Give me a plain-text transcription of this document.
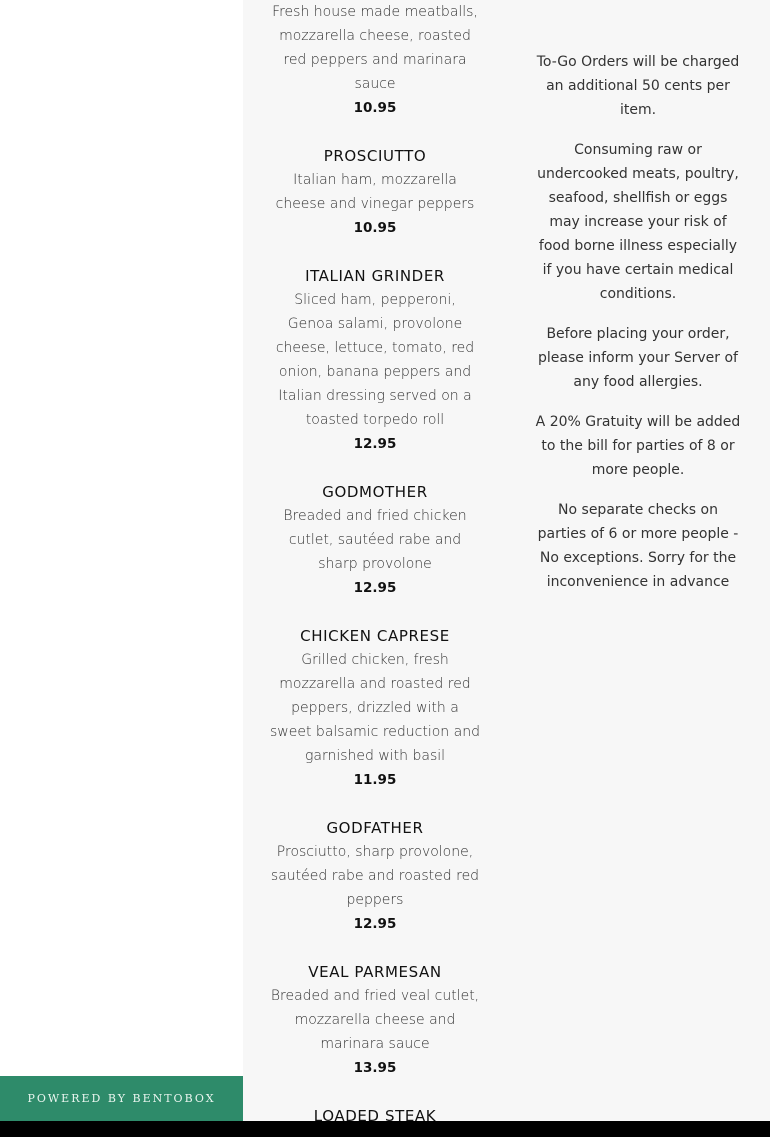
POWERED BY BENTOBOX
Fresh house made meatballs, mozzarella cheese, roasted red peppers and marinara sauce
10.95
PROSCIUTTO
Italian ham, mozzarella cheese and vinegar peppers
10.95
ITALIAN GRINDER
Sliced ham, pepperoni, Genoa salami, provolone cheese, lettuce, tomato, red onion, banana peppers and Italian dressing served on a toasted torpedo roll
12.95
GODMOTHER
Breaded and fried chicken cutlet, sautéed rabe and sharp provolone
12.95
CHICKEN CAPRESE
Grilled chicken, fresh mozzarella and roasted red peppers, drizzled with a sweet balsamic reduction and garnished with basil
11.95
GODFATHER
Prosciutto, sharp provolone, sautéed rabe and roasted red peppers
12.95
VEAL PARMESAN
Breaded and fried veal cutlet, mozzarella cheese and marinara sauce
13.95
LOADED STEAK

To-Go Orders will be charged an additional 50 cents per item.

Consuming raw or undercooked meats, poultry, seafood, shellfish or eggs may increase your risk of food borne illness especially if you have certain medical conditions.

Before placing your order, please inform your Server of any food allergies.

A 20% Gratuity will be added to the bill for parties of 8 or more people.

No separate checks on parties of 6 or more people - No exceptions. Sorry for the inconvenience in advance
